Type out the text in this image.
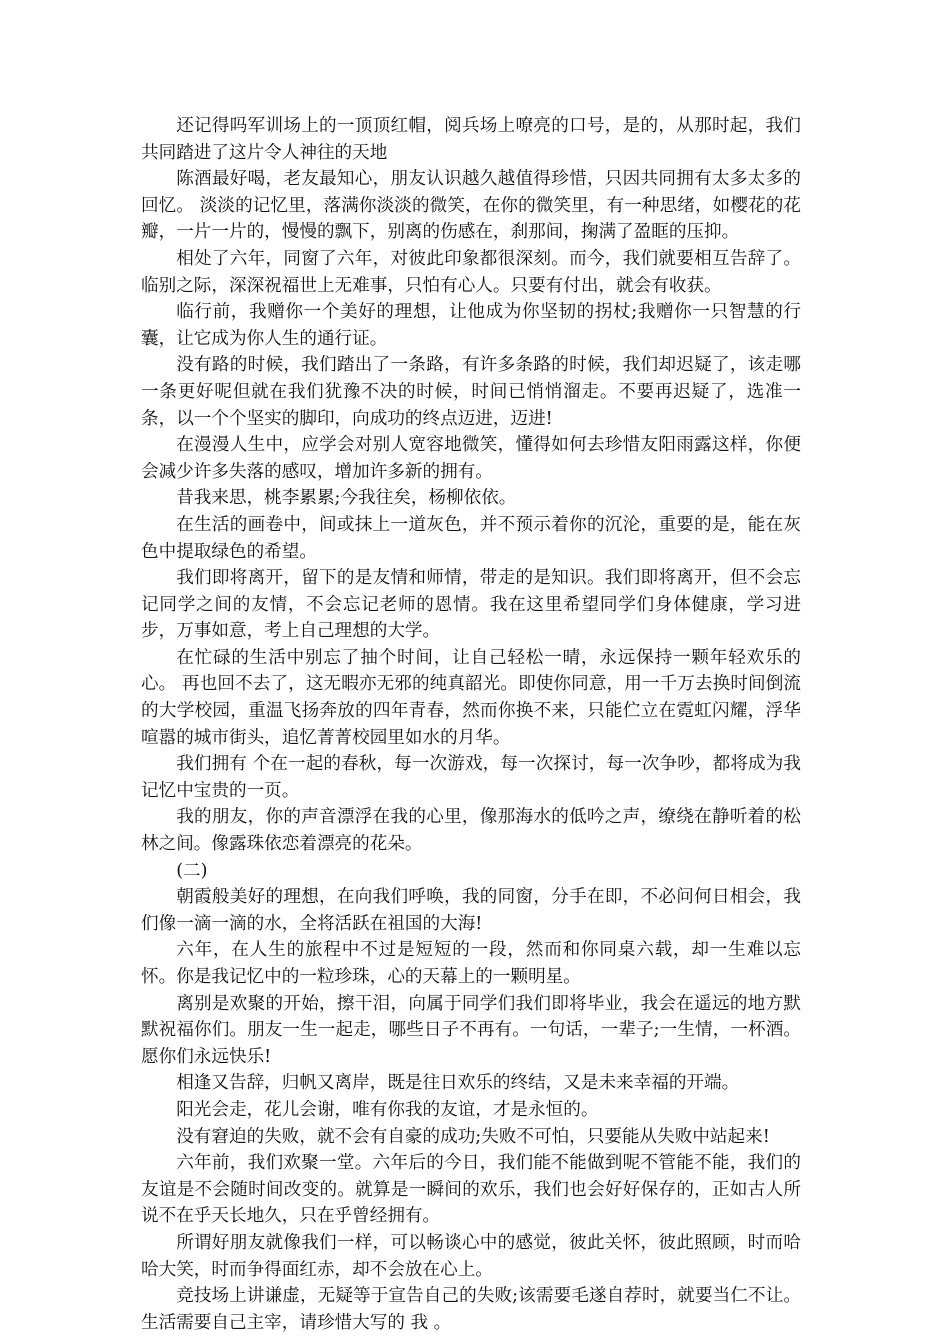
还记得吗军训场上的一顶顶红帽，阅兵场上嘹亮的口号，是的，从那时起，我们共同踏进了这片令人神往的天地

陈酒最好喝，老友最知心，朋友认识越久越值得珍惜，只因共同拥有太多太多的回忆。 淡淡的记忆里，落满你淡淡的微笑，在你的微笑里，有一种思绪，如樱花的花瓣，一片一片的，慢慢的飘下，别离的伤感在，刹那间，掬满了盈眶的压抑。

相处了六年，同窗了六年，对彼此印象都很深刻。而今，我们就要相互告辞了。临别之际，深深祝福世上无难事，只怕有心人。只要有付出，就会有收获。

临行前，我赠你一个美好的理想，让他成为你坚韧的拐杖;我赠你一只智慧的行囊，让它成为你人生的通行证。

没有路的时候，我们踏出了一条路，有许多条路的时候，我们却迟疑了，该走哪一条更好呢但就在我们犹豫不决的时候，时间已悄悄溜走。不要再迟疑了，选准一条，以一个个坚实的脚印，向成功的终点迈进，迈进!

在漫漫人生中，应学会对别人宽容地微笑，懂得如何去珍惜友阳雨露这样，你便会减少许多失落的感叹，增加许多新的拥有。

昔我来思，桃李累累;今我往矣，杨柳依依。

在生活的画卷中，间或抹上一道灰色，并不预示着你的沉沦，重要的是，能在灰色中提取绿色的希望。

我们即将离开，留下的是友情和师情，带走的是知识。我们即将离开，但不会忘记同学之间的友情，不会忘记老师的恩情。我在这里希望同学们身体健康，学习进步，万事如意，考上自己理想的大学。

在忙碌的生活中别忘了抽个时间，让自己轻松一晴，永远保持一颗年轻欢乐的心。 再也回不去了，这无暇亦无邪的纯真韶光。即使你同意，用一千万去换时间倒流的大学校园，重温飞扬奔放的四年青春，然而你换不来，只能伫立在霓虹闪耀，浮华喧嚣的城市街头，追忆菁菁校园里如水的月华。

我们拥有 个在一起的春秋，每一次游戏，每一次探讨，每一次争吵，都将成为我记忆中宝贵的一页。

我的朋友，你的声音漂浮在我的心里，像那海水的低吟之声，缭绕在静听着的松林之间。像露珠依恋着漂亮的花朵。

(二)

朝霞般美好的理想，在向我们呼唤，我的同窗，分手在即，不必问何日相会，我们像一滴一滴的水，全将活跃在祖国的大海!

六年，在人生的旅程中不过是短短的一段，然而和你同桌六载，却一生难以忘怀。你是我记忆中的一粒珍珠，心的天幕上的一颗明星。

离别是欢聚的开始，擦干泪，向属于同学们我们即将毕业，我会在遥远的地方默默祝福你们。朋友一生一起走，哪些日子不再有。一句话，一辈子;一生情，一杯酒。愿你们永远快乐!

相逢又告辞，归帆又离岸，既是往日欢乐的终结，又是未来幸福的开端。

阳光会走，花儿会谢，唯有你我的友谊，才是永恒的。

没有窘迫的失败，就不会有自豪的成功;失败不可怕，只要能从失败中站起来!

六年前，我们欢聚一堂。六年后的今日，我们能不能做到呢不管能不能，我们的友谊是不会随时间改变的。就算是一瞬间的欢乐，我们也会好好保存的，正如古人所说不在乎天长地久，只在乎曾经拥有。

所谓好朋友就像我们一样，可以畅谈心中的感觉，彼此关怀，彼此照顾，时而哈哈大笑，时而争得面红赤，却不会放在心上。

竞技场上讲谦虚，无疑等于宣告自己的失败;该需要毛遂自荐时，就要当仁不让。生活需要自己主宰，请珍惜大写的 我 。
